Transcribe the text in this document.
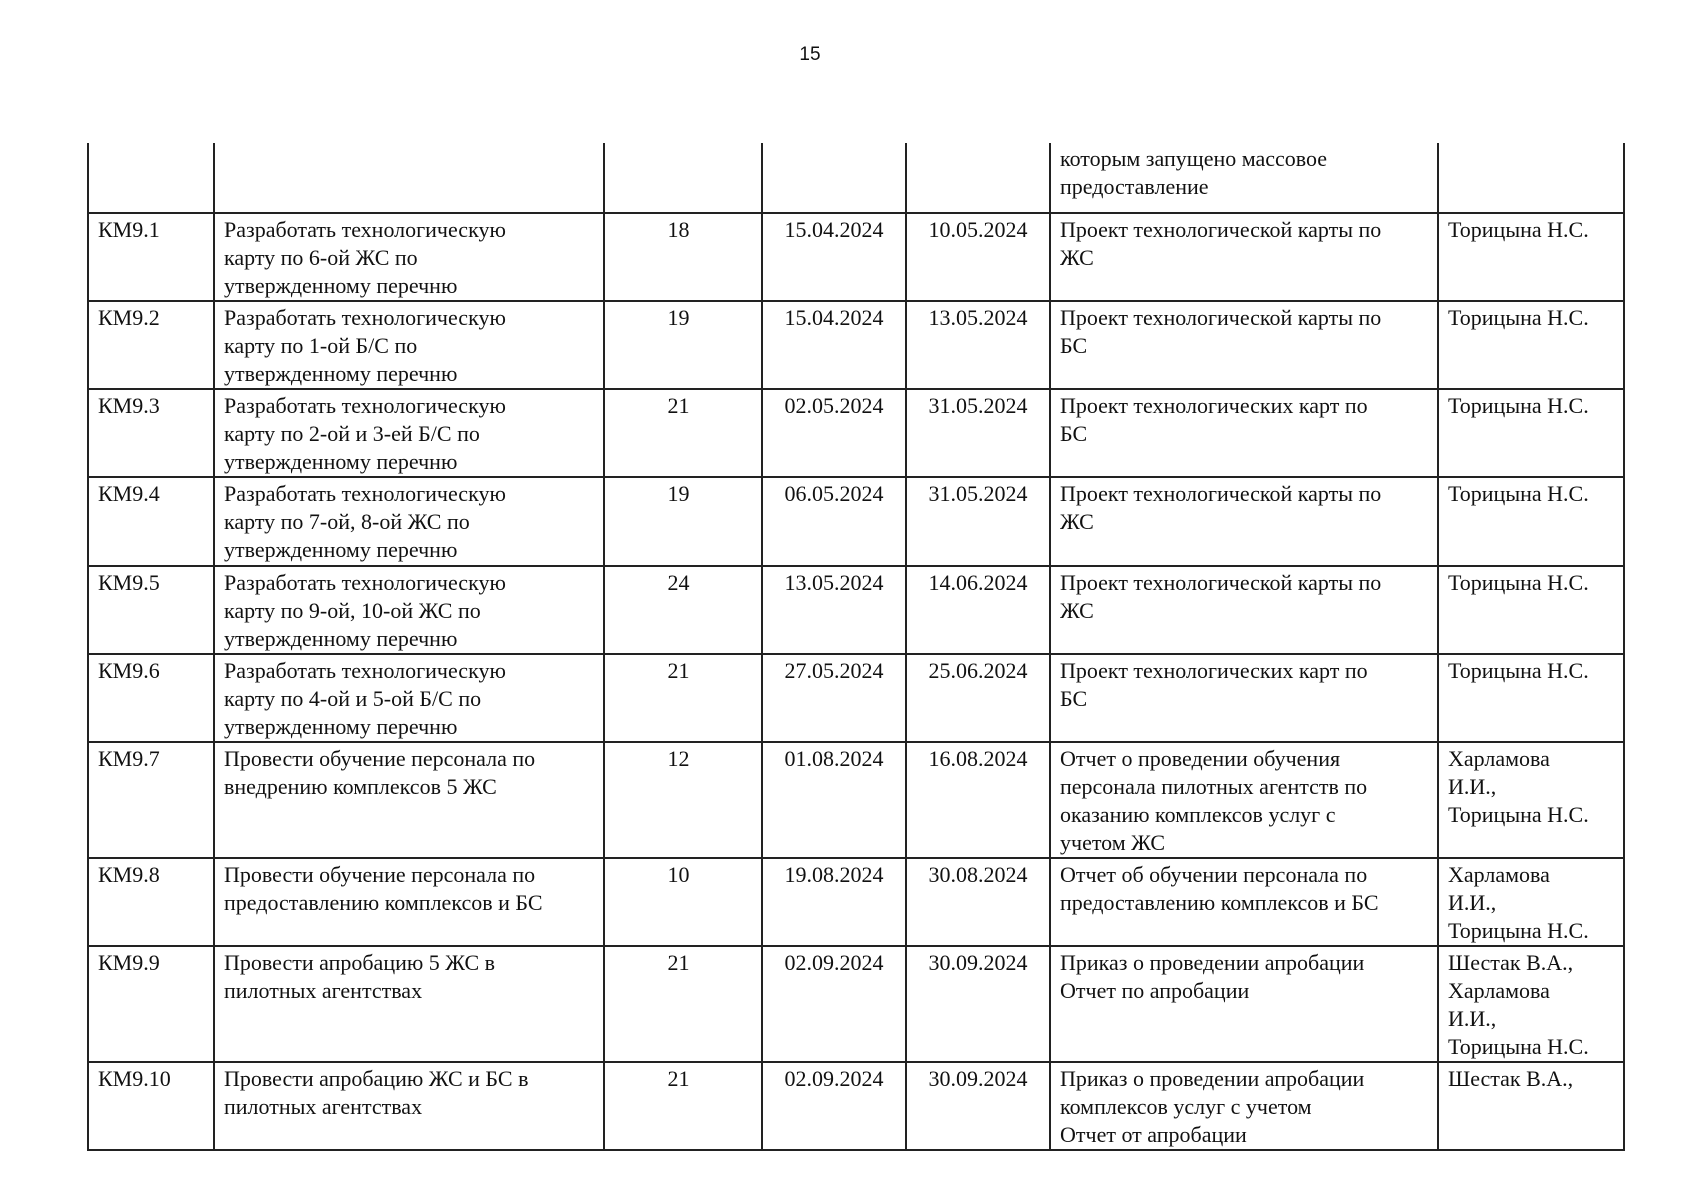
15
					которым запущено массовое
предоставление	
КМ9.1	Разработать технологическую
карту по 6-ой ЖС по
утвержденному перечню	18	15.04.2024	10.05.2024	Проект технологической карты по
ЖС	Торицына Н.С.
КМ9.2	Разработать технологическую
карту по 1-ой Б/С по
утвержденному перечню	19	15.04.2024	13.05.2024	Проект технологической карты по
БС	Торицына Н.С.
КМ9.3	Разработать технологическую
карту по 2-ой и 3-ей Б/С по
утвержденному перечню	21	02.05.2024	31.05.2024	Проект технологических карт по
БС	Торицына Н.С.
КМ9.4	Разработать технологическую
карту по 7-ой, 8-ой ЖС по
утвержденному перечню	19	06.05.2024	31.05.2024	Проект технологической карты по
ЖС	Торицына Н.С.
КМ9.5	Разработать технологическую
карту по 9-ой, 10-ой ЖС по
утвержденному перечню	24	13.05.2024	14.06.2024	Проект технологической карты по
ЖС	Торицына Н.С.
КМ9.6	Разработать технологическую
карту по 4-ой и 5-ой Б/С по
утвержденному перечню	21	27.05.2024	25.06.2024	Проект технологических карт по
БС	Торицына Н.С.
КМ9.7	Провести обучение персонала по
внедрению комплексов 5 ЖС	12	01.08.2024	16.08.2024	Отчет о проведении обучения
персонала пилотных агентств по
оказанию комплексов услуг с
учетом ЖС	Харламова
И.И.,
Торицына Н.С.
КМ9.8	Провести обучение персонала по
предоставлению комплексов и БС	10	19.08.2024	30.08.2024	Отчет об обучении персонала по
предоставлению комплексов и БС	Харламова
И.И.,
Торицына Н.С.
КМ9.9	Провести апробацию 5 ЖС в
пилотных агентствах	21	02.09.2024	30.09.2024	Приказ о проведении апробации
Отчет по апробации	Шестак В.А.,
Харламова
И.И.,
Торицына Н.С.
КМ9.10	Провести апробацию ЖС и БС в
пилотных агентствах	21	02.09.2024	30.09.2024	Приказ о проведении апробации
комплексов услуг с учетом
Отчет от апробации	Шестак В.А.,
